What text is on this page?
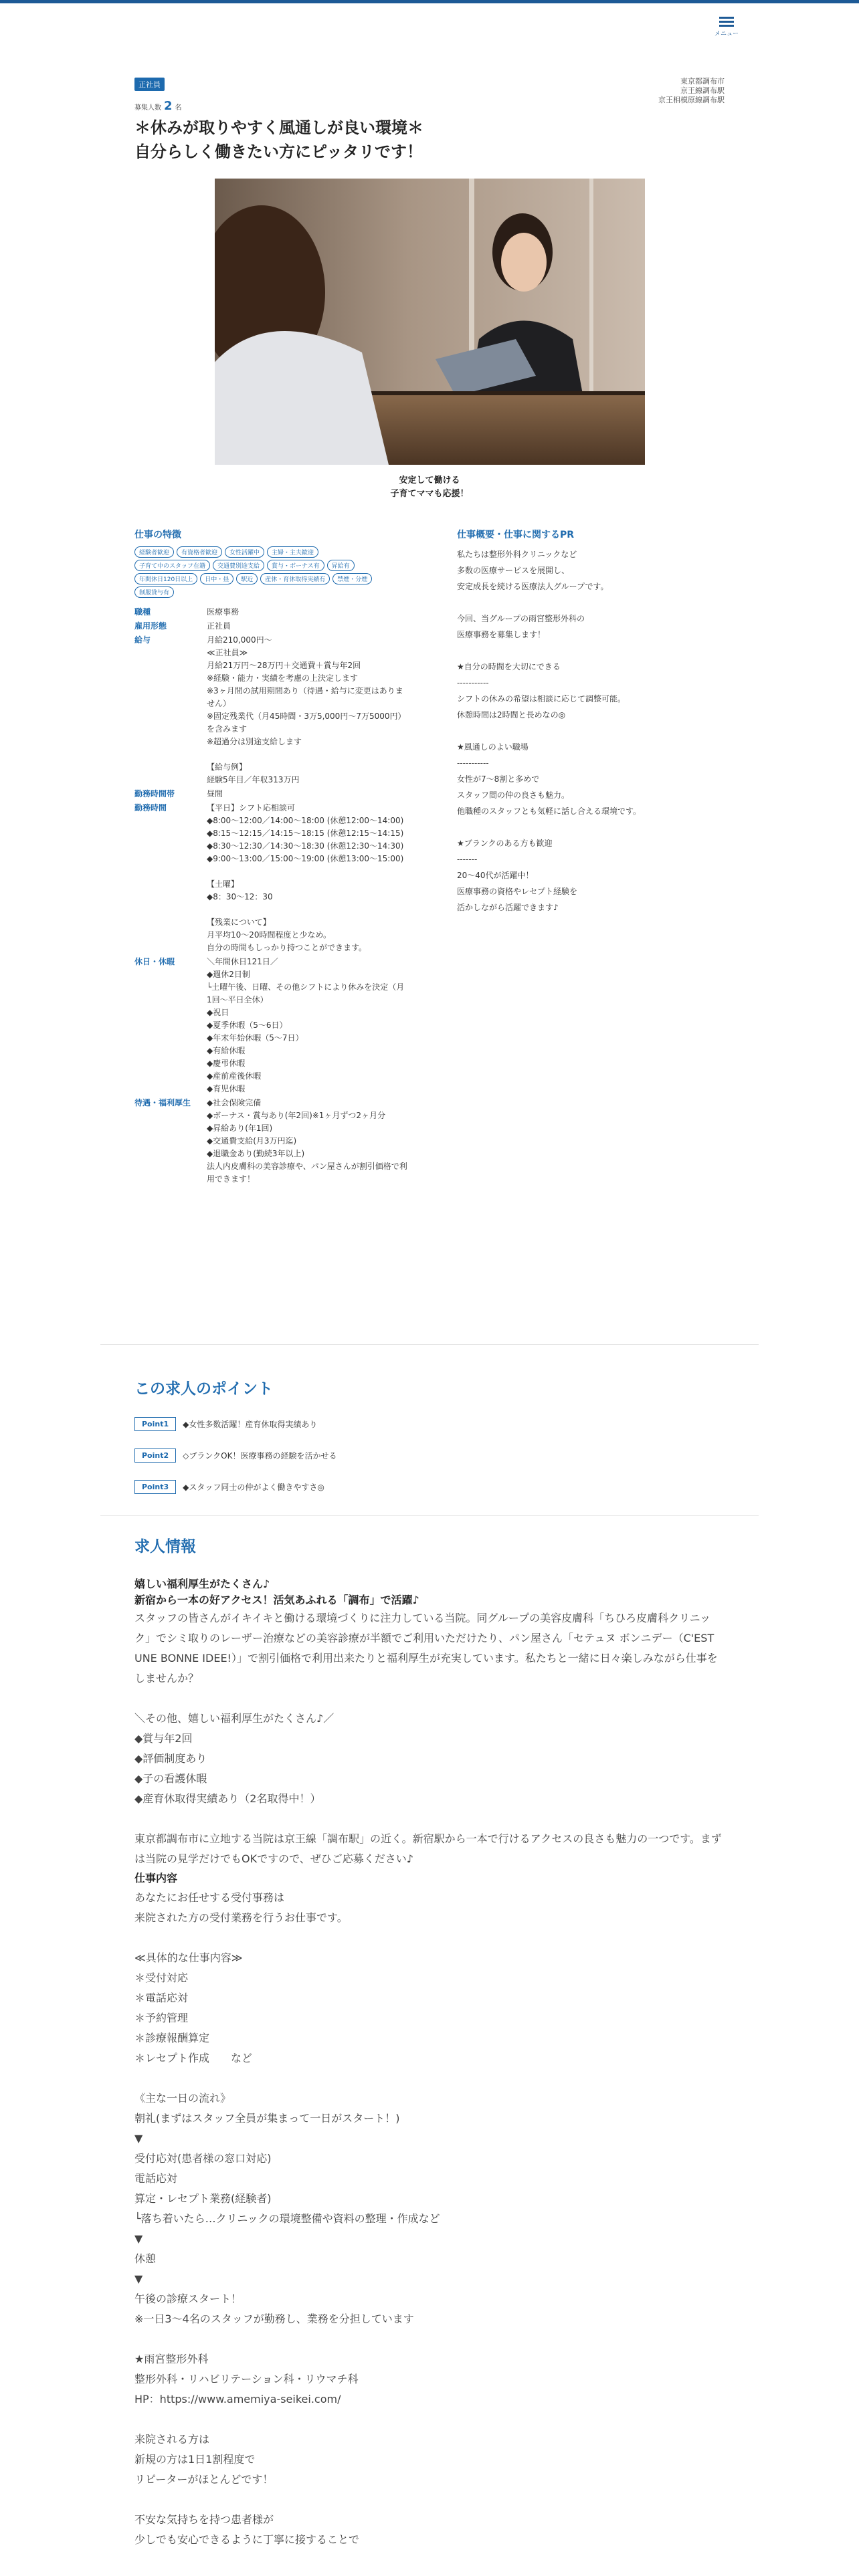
メニュー
正社員	東京都調布市
京王線調布駅
京王相模原線調布駅
募集人数 2 名
＊休みが取りやすく風通しが良い環境＊
自分らしく働きたい方にピッタリです！
安定して働ける
子育てママも応援！
仕事の特徴
経験者歓迎	有資格者歓迎	女性活躍中	主婦・主夫歓迎
子育て中のスタッフ在籍	交通費別途支給	賞与・ボーナス有	昇給有
年間休日120日以上	日中・昼	駅近	産休・育休取得実績有	禁煙・分煙
制服貸与有
職種	医療事務
雇用形態	正社員
給与	月給210,000円～
≪正社員≫
月給21万円～28万円＋交通費＋賞与年2回
※経験・能力・実績を考慮の上決定します
※3ヶ月間の試用期間あり（待遇・給与に変更はありません）
※固定残業代（月45時間・3万5,000円～7万5000円）を含みます
※超過分は別途支給します

【給与例】
経験5年目／年収313万円
勤務時間帯	昼間
勤務時間	【平日】シフト応相談可
◆8:00～12:00／14:00～18:00 (休憩12:00～14:00)
◆8:15～12:15／14:15～18:15 (休憩12:15～14:15)
◆8:30～12:30／14:30～18:30 (休憩12:30～14:30)
◆9:00～13:00／15:00～19:00 (休憩13:00～15:00)

【土曜】
◆8：30～12：30

【残業について】
月平均10～20時間程度と少なめ。
自分の時間もしっかり持つことができます。
休日・休暇	＼年間休日121日／
◆週休2日制
└土曜午後、日曜、その他シフトにより休みを決定（月1回～平日全休）
◆祝日
◆夏季休暇（5～6日）
◆年末年始休暇（5～7日）
◆有給休暇
◆慶弔休暇
◆産前産後休暇
◆育児休暇
待遇・福利厚生	◆社会保険完備
◆ボーナス・賞与あり(年2回)※1ヶ月ずつ2ヶ月分
◆昇給あり(年1回)
◆交通費支給(月3万円迄)
◆退職金あり(勤続3年以上)
法人内皮膚科の美容診療や、パン屋さんが割引価格で利用できます！
仕事概要・仕事に関するPR
私たちは整形外科クリニックなど
多数の医療サービスを展開し、
安定成長を続ける医療法人グループです。

今回、当グループの雨宮整形外科の
医療事務を募集します！

★自分の時間を大切にできる
-----------
シフトの休みの希望は相談に応じて調整可能。
休憩時間は2時間と長めなの◎

★風通しのよい職場
-----------
女性が7～8割と多めで
スタッフ間の仲の良さも魅力。
他職種のスタッフとも気軽に話し合える環境です。

★ブランクのある方も歓迎
-------
20～40代が活躍中！
医療事務の資格やレセプト経験を
活かしながら活躍できます♪
この求人のポイント
Point1	◆女性多数活躍！産育休取得実績あり
Point2	◇ブランクOK！医療事務の経験を活かせる
Point3	◆スタッフ同士の仲がよく働きやすさ◎
求人情報
嬉しい福利厚生がたくさん♪
新宿から一本の好アクセス！活気あふれる「調布」で活躍♪
スタッフの皆さんがイキイキと働ける環境づくりに注力している当院。同グループの美容皮膚科「ちひろ皮膚科クリニック」でシミ取りのレーザー治療などの美容診療が半額でご利用いただけたり、パン屋さん「セテュヌ ボンニデー（C'EST UNE BONNE IDEE!）」で割引価格で利用出来たりと福利厚生が充実しています。私たちと一緒に日々楽しみながら仕事をしませんか？

＼その他、嬉しい福利厚生がたくさん♪／
◆賞与年2回
◆評価制度あり
◆子の看護休暇
◆産育休取得実績あり（2名取得中！）

東京都調布市に立地する当院は京王線「調布駅」の近く。新宿駅から一本で行けるアクセスの良さも魅力の一つです。まずは当院の見学だけでもOKですので、ぜひご応募ください♪
仕事内容
あなたにお任せする受付事務は
来院された方の受付業務を行うお仕事です。

≪具体的な仕事内容≫
＊受付対応
＊電話応対
＊予約管理
＊診療報酬算定
＊レセプト作成　　など

《主な一日の流れ》
朝礼(まずはスタッフ全員が集まって一日がスタート！)
▼
受付応対(患者様の窓口対応)
電話応対
算定・レセプト業務(経験者)
└落ち着いたら…クリニックの環境整備や資料の整理・作成など
▼
休憩
▼
午後の診療スタート！
※一日3～4名のスタッフが勤務し、業務を分担しています

★雨宮整形外科
整形外科・リハビリテーション科・リウマチ科
HP：https://www.amemiya-seikei.com/

来院される方は
新規の方は1日1割程度で
リピーターがほとんどです！

不安な気持ちを持つ患者様が
少しでも安心できるように丁寧に接することで
